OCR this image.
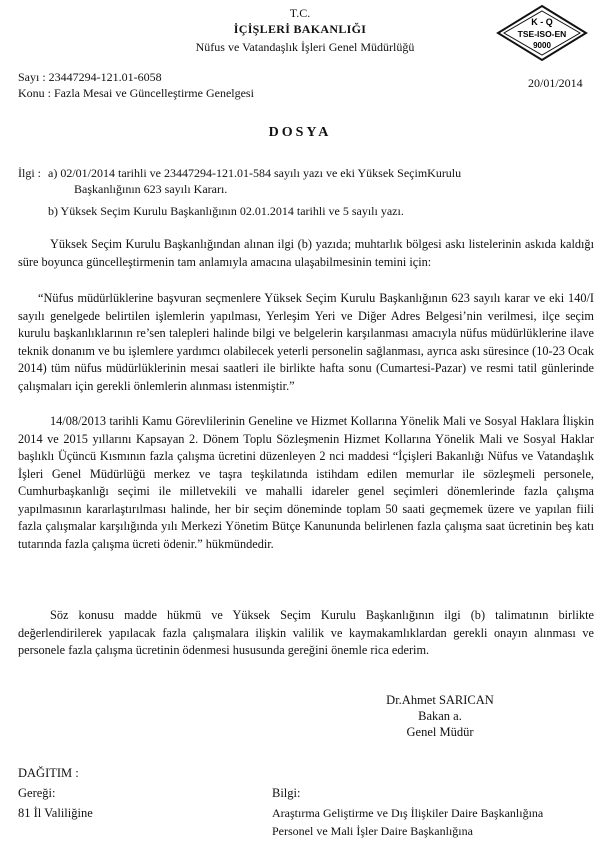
T.C.
İÇİŞLERİ BAKANLIĞI
Nüfus ve Vatandaşlık İşleri Genel Müdürlüğü
K - Q
TSE-ISO-EN
9000
Sayı : 23447294-121.01-6058
Konu : Fazla Mesai ve Güncelleştirme Genelgesi
20/01/2014
DOSYA
İlgi : a) 02/01/2014 tarihli ve 23447294-121.01-584 sayılı yazı ve eki Yüksek SeçimKurulu
Başkanlığının 623 sayılı Kararı.
b) Yüksek Seçim Kurulu Başkanlığının 02.01.2014 tarihli ve 5 sayılı yazı.
Yüksek Seçim Kurulu Başkanlığından alınan ilgi (b) yazıda; muhtarlık bölgesi askı listelerinin askıda kaldığı süre boyunca güncelleştirmenin tam anlamıyla amacına ulaşabilmesinin temini için:
“Nüfus müdürlüklerine başvuran seçmenlere Yüksek Seçim Kurulu Başkanlığının 623 sayılı karar ve eki 140/I sayılı genelgede belirtilen işlemlerin yapılması, Yerleşim Yeri ve Diğer Adres Belgesi’nin verilmesi, ilçe seçim kurulu başkanlıklarının re’sen talepleri halinde bilgi ve belgelerin karşılanması amacıyla nüfus müdürlüklerine ilave teknik donanım ve bu işlemlere yardımcı olabilecek yeterli personelin sağlanması, ayrıca askı süresince (10-23 Ocak 2014) tüm nüfus müdürlüklerinin mesai saatleri ile birlikte hafta sonu (Cumartesi-Pazar) ve resmi tatil günlerinde çalışmaları için gerekli önlemlerin alınması istenmiştir.”
14/08/2013 tarihli Kamu Görevlilerinin Geneline ve Hizmet Kollarına Yönelik Mali ve Sosyal Haklara İlişkin 2014 ve 2015 yıllarını Kapsayan 2. Dönem Toplu Sözleşmenin Hizmet Kollarına Yönelik Mali ve Sosyal Haklar başlıklı Üçüncü Kısmının fazla çalışma ücretini düzenleyen 2 nci maddesi “İçişleri Bakanlığı Nüfus ve Vatandaşlık İşleri Genel Müdürlüğü merkez ve taşra teşkilatında istihdam edilen memurlar ile sözleşmeli personele, Cumhurbaşkanlığı seçimi ile milletvekili ve mahalli idareler genel seçimleri dönemlerinde fazla çalışma yapılmasının kararlaştırılması halinde, her bir seçim döneminde toplam 50 saati geçmemek üzere ve yapılan fiili fazla çalışmalar karşılığında yılı Merkezi Yönetim Bütçe Kanununda belirlenen fazla çalışma saat ücretinin beş katı tutarında fazla çalışma ücreti ödenir.” hükmündedir.
Söz konusu madde hükmü ve Yüksek Seçim Kurulu Başkanlığının ilgi (b) talimatının birlikte değerlendirilerek yapılacak fazla çalışmalara ilişkin valilik ve kaymakamlıklardan gerekli onayın alınması ve personele fazla çalışma ücretinin ödenmesi hususunda gereğini önemle rica ederim.
Dr.Ahmet SARICAN
Bakan a.
Genel Müdür
DAĞITIM :
Gereği:
81 İl Valiliğine
Bilgi:
Araştırma Geliştirme ve Dış İlişkiler Daire Başkanlığına
Personel ve Mali İşler Daire Başkanlığına
